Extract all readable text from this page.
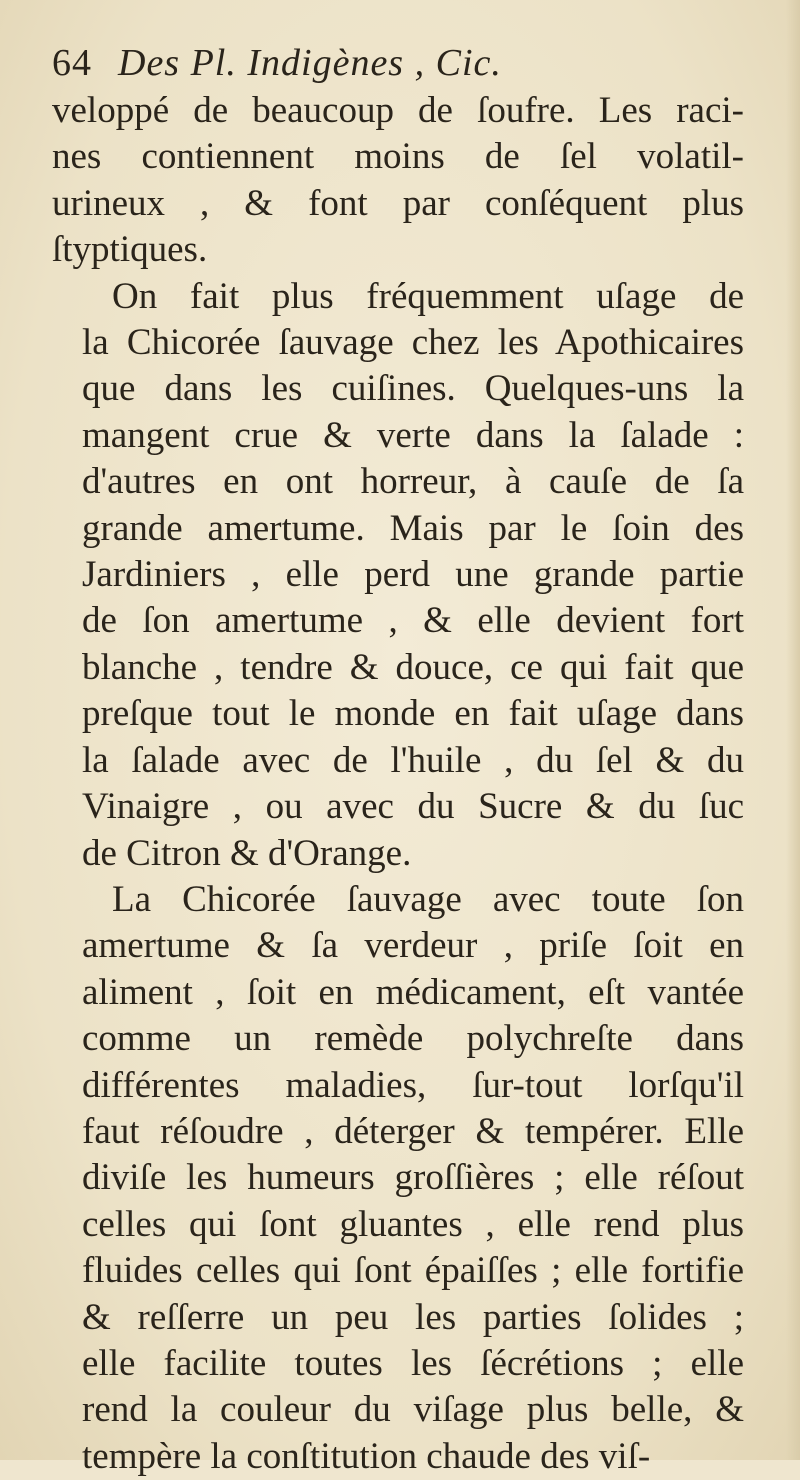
64 Des Pl. Indigènes , Cic.

veloppé de beaucoup de ſoufre. Les raci-
nes contiennent moins de ſel volatil-
urineux , & font par conſéquent plus
ſtyptiques.

On fait plus fréquemment uſage de
la Chicorée ſauvage chez les Apothicaires
que dans les cuiſines. Quelques-uns la
mangent crue & verte dans la ſalade :
d'autres en ont horreur, à cauſe de ſa
grande amertume. Mais par le ſoin des
Jardiniers , elle perd une grande partie
de ſon amertume , & elle devient fort
blanche , tendre & douce, ce qui fait que
preſque tout le monde en fait uſage dans
la ſalade avec de l'huile , du ſel & du
Vinaigre , ou avec du Sucre & du ſuc
de Citron & d'Orange.

La Chicorée ſauvage avec toute ſon
amertume & ſa verdeur , priſe ſoit en
aliment , ſoit en médicament, eſt vantée
comme un remède polychreſte dans
différentes maladies, ſur-tout lorſqu'il
faut réſoudre , déterger & tempérer. Elle
diviſe les humeurs groſſières ; elle réſout
celles qui ſont gluantes , elle rend plus
fluides celles qui ſont épaiſſes ; elle fortifie
& reſſerre un peu les parties ſolides ;
elle facilite toutes les ſécrétions ; elle
rend la couleur du viſage plus belle, &
tempère la conſtitution chaude des viſ-
